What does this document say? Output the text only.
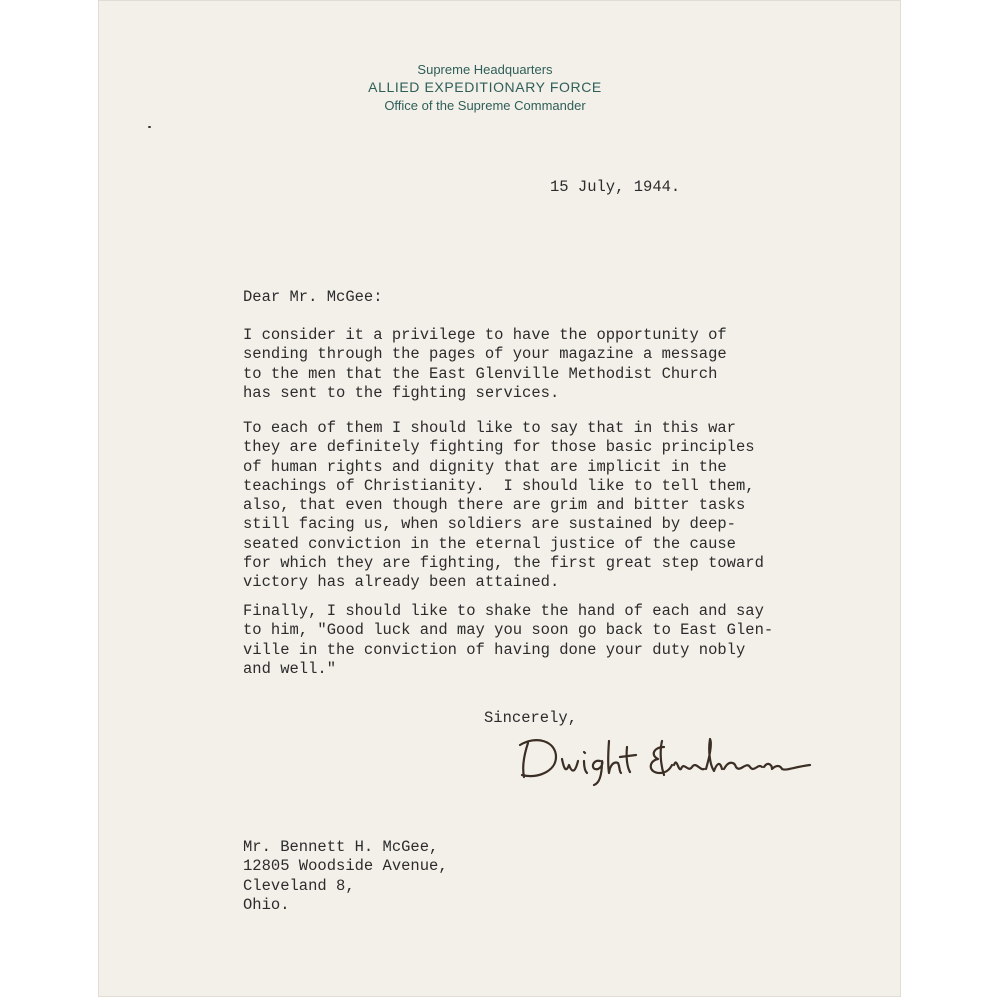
Supreme Headquarters
ALLIED EXPEDITIONARY FORCE
Office of the Supreme Commander
15 July, 1944.
Dear Mr. McGee:
I consider it a privilege to have the opportunity of
sending through the pages of your magazine a message
to the men that the East Glenville Methodist Church
has sent to the fighting services.
To each of them I should like to say that in this war
they are definitely fighting for those basic principles
of human rights and dignity that are implicit in the
teachings of Christianity.  I should like to tell them,
also, that even though there are grim and bitter tasks
still facing us, when soldiers are sustained by deep-
seated conviction in the eternal justice of the cause
for which they are fighting, the first great step toward
victory has already been attained.
Finally, I should like to shake the hand of each and say
to him, "Good luck and may you soon go back to East Glen-
ville in the conviction of having done your duty nobly
and well."
Sincerely,
Mr. Bennett H. McGee,
12805 Woodside Avenue,
Cleveland 8,
Ohio.
